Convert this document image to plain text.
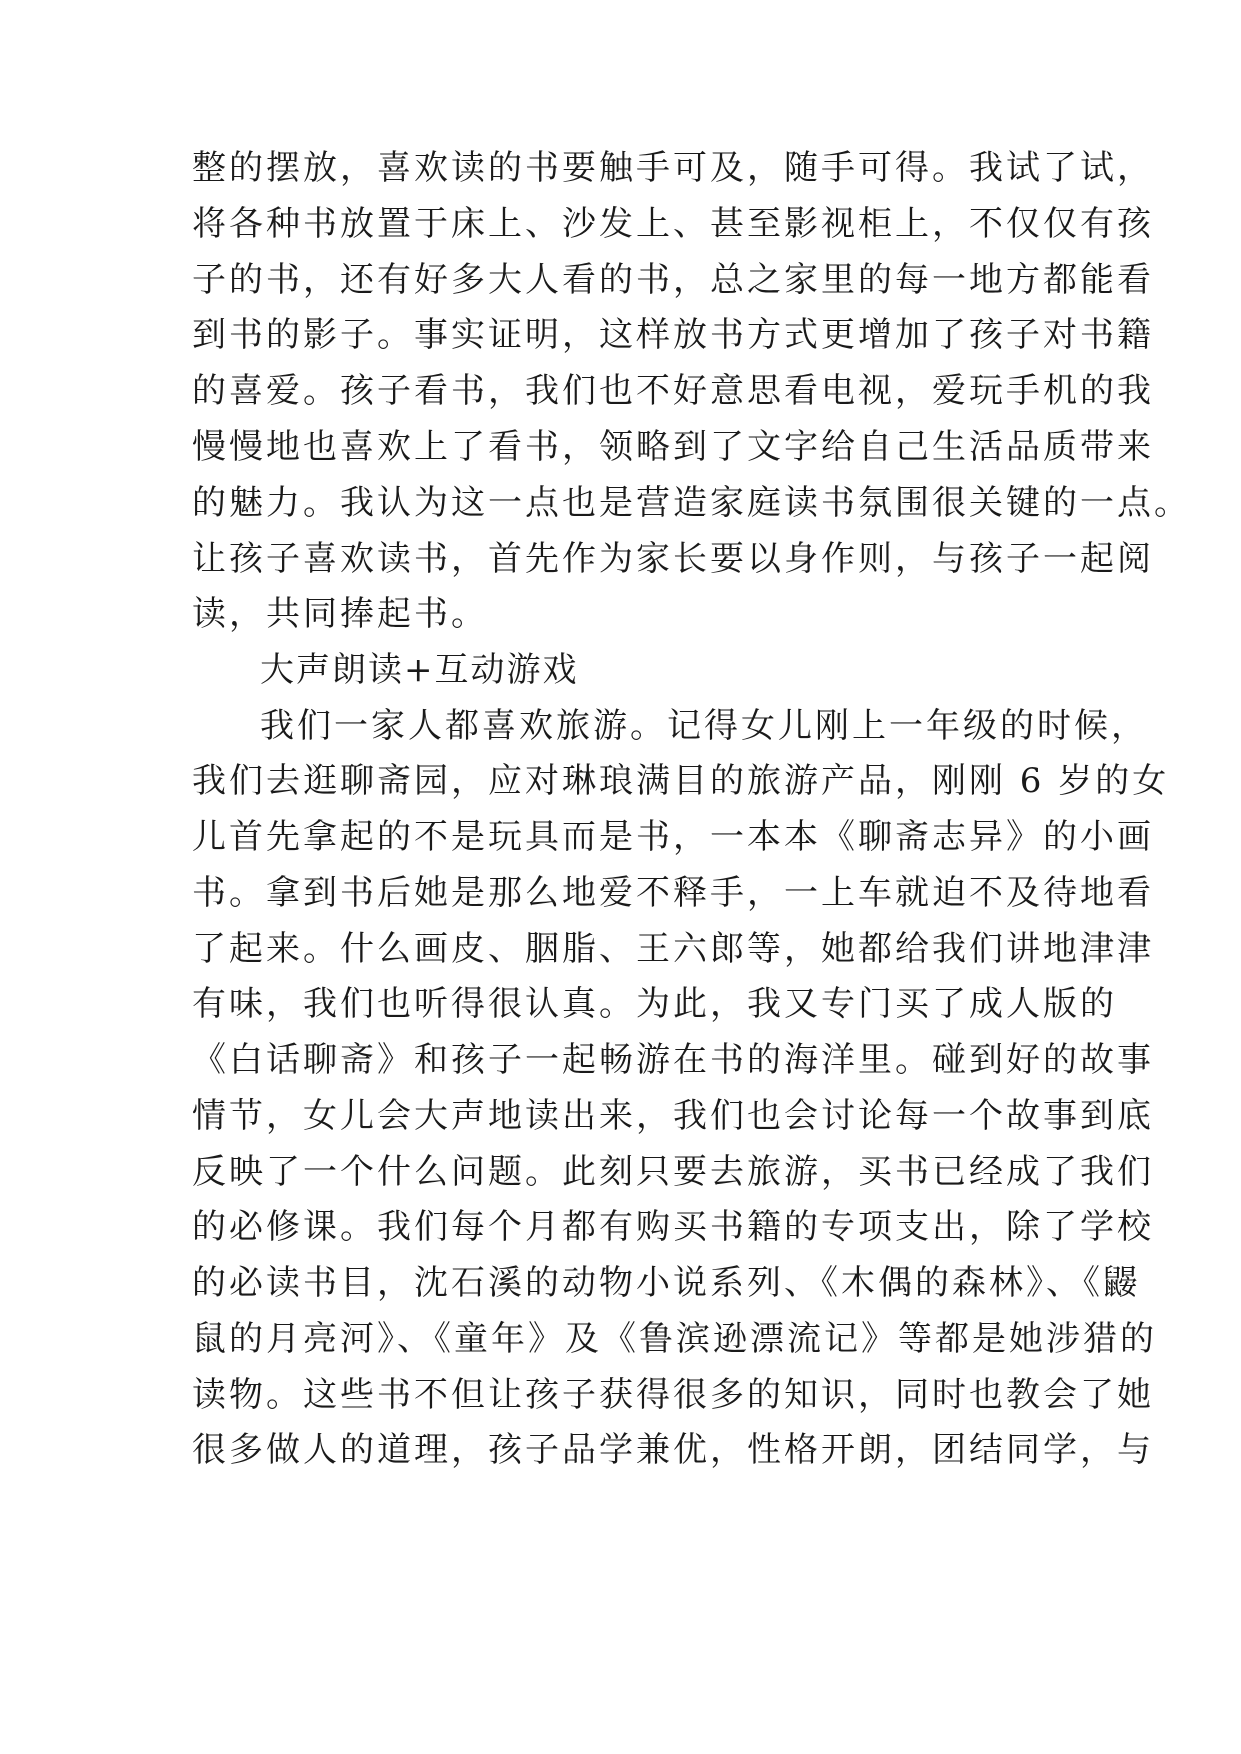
整的摆放，喜欢读的书要触手可及，随手可得。我试了试，
将各种书放置于床上、沙发上、甚至影视柜上，不仅仅有孩
子的书，还有好多大人看的书，总之家里的每一地方都能看
到书的影子。事实证明，这样放书方式更增加了孩子对书籍
的喜爱。孩子看书，我们也不好意思看电视，爱玩手机的我
慢慢地也喜欢上了看书，领略到了文字给自己生活品质带来
的魅力。我认为这一点也是营造家庭读书氛围很关键的一点。
让孩子喜欢读书，首先作为家长要以身作则，与孩子一起阅
读，共同捧起书。
大声朗读+互动游戏
我们一家人都喜欢旅游。记得女儿刚上一年级的时候，
我们去逛聊斋园，应对琳琅满目的旅游产品，刚刚 6 岁的女
儿首先拿起的不是玩具而是书，一本本《聊斋志异》的小画
书。拿到书后她是那么地爱不释手，一上车就迫不及待地看
了起来。什么画皮、胭脂、王六郎等，她都给我们讲地津津
有味，我们也听得很认真。为此，我又专门买了成人版的
《白话聊斋》和孩子一起畅游在书的海洋里。碰到好的故事
情节，女儿会大声地读出来，我们也会讨论每一个故事到底
反映了一个什么问题。此刻只要去旅游，买书已经成了我们
的必修课。我们每个月都有购买书籍的专项支出，除了学校
的必读书目，沈石溪的动物小说系列、《木偶的森林》、《鼹
鼠的月亮河》、《童年》及《鲁滨逊漂流记》等都是她涉猎的
读物。这些书不但让孩子获得很多的知识，同时也教会了她
很多做人的道理，孩子品学兼优，性格开朗，团结同学，与
